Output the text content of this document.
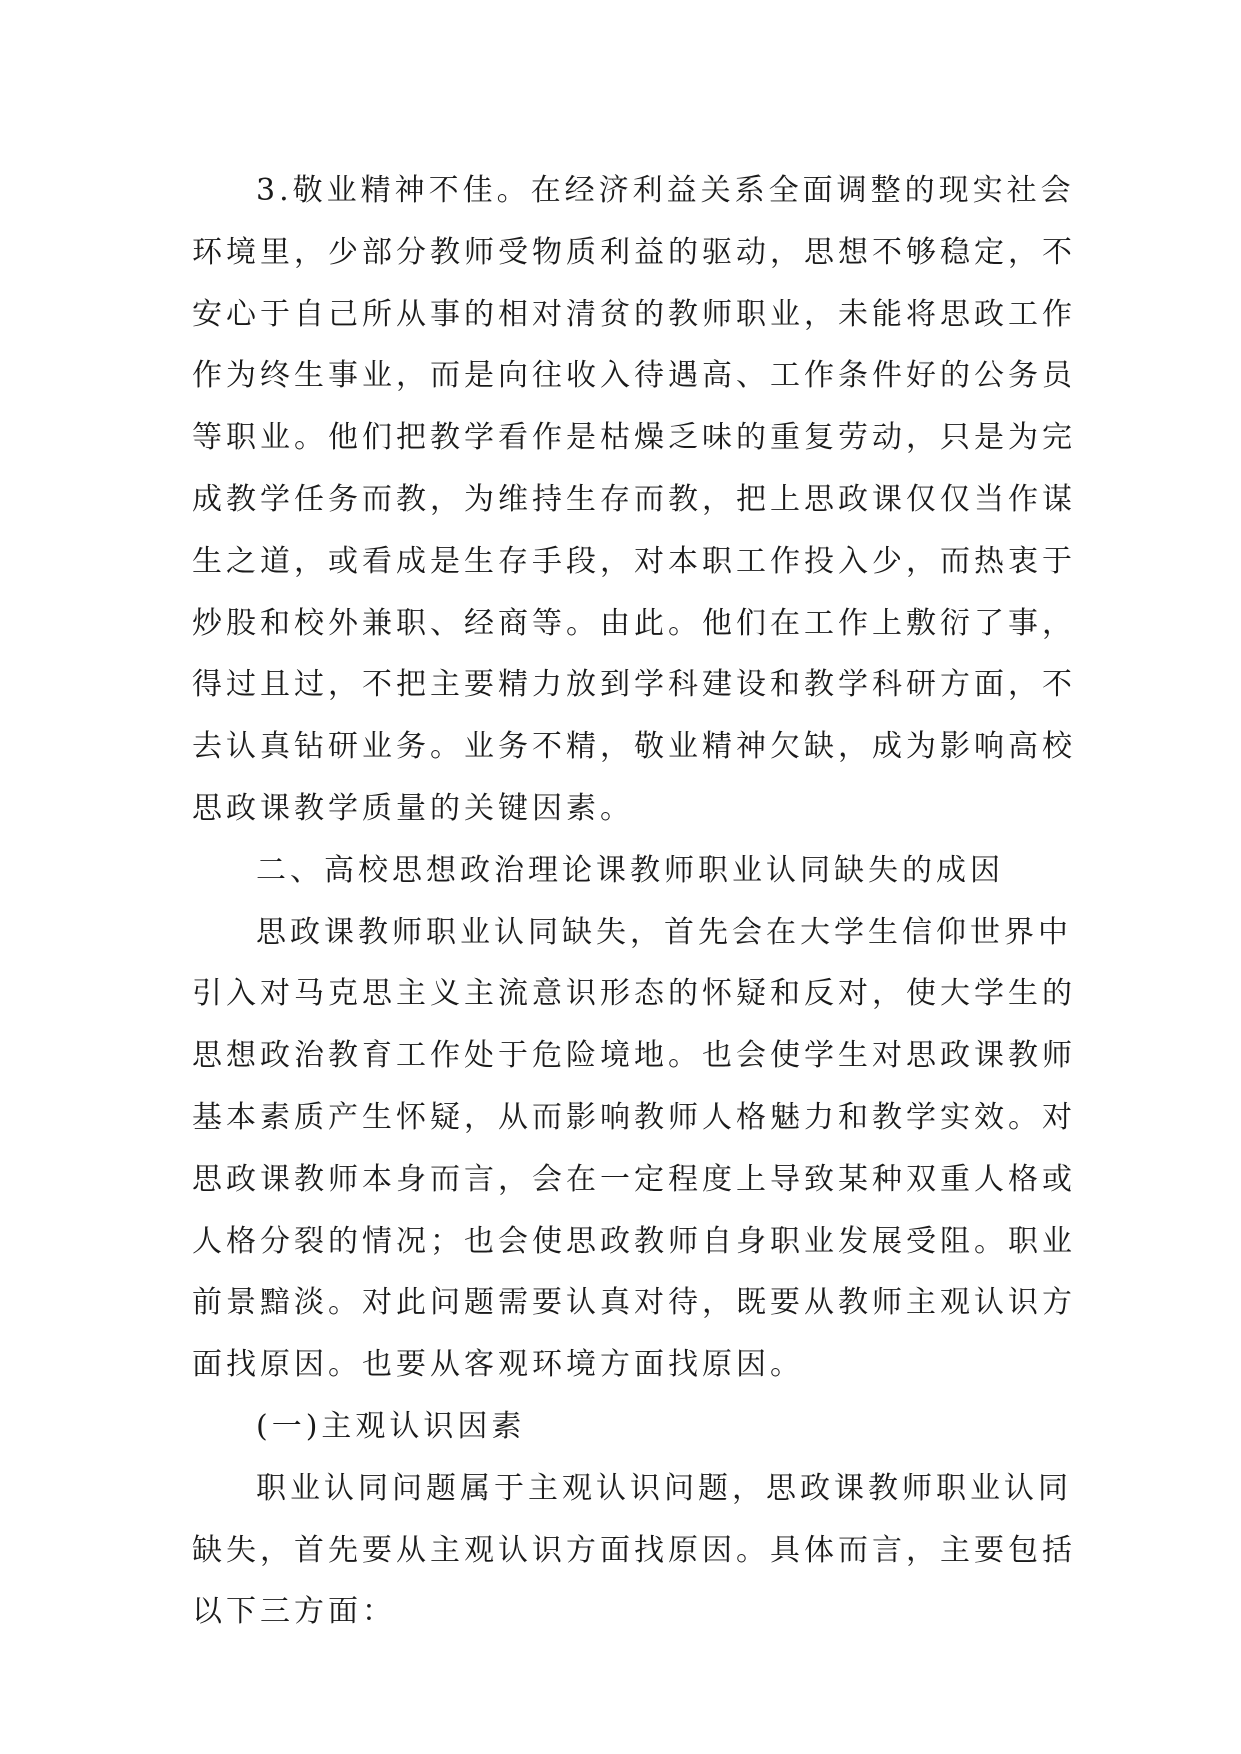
3.敬业精神不佳。在经济利益关系全面调整的现实社会

环境里，少部分教师受物质利益的驱动，思想不够稳定，不

安心于自己所从事的相对清贫的教师职业，未能将思政工作

作为终生事业，而是向往收入待遇高、工作条件好的公务员

等职业。他们把教学看作是枯燥乏味的重复劳动，只是为完

成教学任务而教，为维持生存而教，把上思政课仅仅当作谋

生之道，或看成是生存手段，对本职工作投入少，而热衷于

炒股和校外兼职、经商等。由此。他们在工作上敷衍了事，

得过且过，不把主要精力放到学科建设和教学科研方面，不

去认真钻研业务。业务不精，敬业精神欠缺，成为影响高校

思政课教学质量的关键因素。

二、高校思想政治理论课教师职业认同缺失的成因

思政课教师职业认同缺失，首先会在大学生信仰世界中

引入对马克思主义主流意识形态的怀疑和反对，使大学生的

思想政治教育工作处于危险境地。也会使学生对思政课教师

基本素质产生怀疑，从而影响教师人格魅力和教学实效。对

思政课教师本身而言，会在一定程度上导致某种双重人格或

人格分裂的情况；也会使思政教师自身职业发展受阻。职业

前景黯淡。对此问题需要认真对待，既要从教师主观认识方

面找原因。也要从客观环境方面找原因。

(一)主观认识因素

职业认同问题属于主观认识问题，思政课教师职业认同

缺失，首先要从主观认识方面找原因。具体而言，主要包括

以下三方面：
